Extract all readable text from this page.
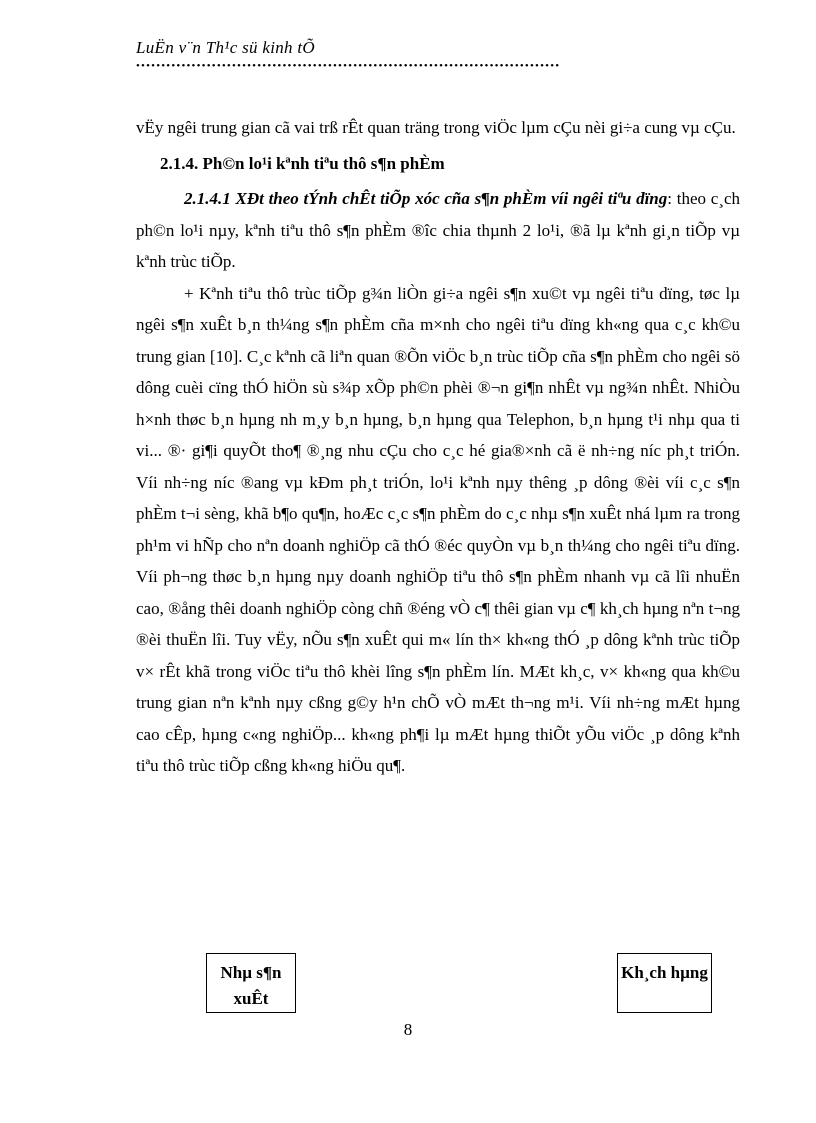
LuËn v¨n Th¹c sü kinh tÕ
••••••••••••••••••••••••••••••••••••••••••••••••••••••••••••••••••••••••••••••••••••

vËy ngêi trung gian cã vai trß rÊt quan träng trong viÖc lµm cÇu nèi gi÷a cung vµ cÇu.

2.1.4. Ph©n lo¹i kªnh tiªu thô s¶n phÈm

2.1.4.1 XÐt theo tÝnh chÊt tiÕp xóc cña s¶n phÈm víi ngêi tiªu dïng: theo c¸ch ph©n lo¹i nµy, kªnh tiªu thô s¶n phÈm ®îc chia thµnh 2 lo¹i, ®ã lµ kªnh gi¸n tiÕp vµ kªnh trùc tiÕp.

+ Kªnh tiªu thô trùc tiÕp g¾n liÒn gi÷a ngêi s¶n xu©t vµ ngêi tiªu dïng, tøc lµ ngêi s¶n xuÊt b¸n th¼ng s¶n phÈm cña m×nh cho ngêi tiªu dïng kh«ng qua c¸c kh©u trung gian [10]. C¸c kªnh cã liªn quan ®Õn viÖc b¸n trùc tiÕp cña s¶n phÈm cho ngêi sö dông cuèi cïng thÓ hiÖn sù s¾p xÕp ph©n phèi ®¬n gi¶n nhÊt vµ ng¾n nhÊt. NhiÒu h×nh thøc b¸n hµng nh m¸y b¸n hµng, b¸n hµng qua Telephon, b¸n hµng t¹i nhµ qua ti vi... ®· gi¶i quyÕt tho¶ ®¸ng nhu cÇu cho c¸c hé gia®×nh cã ë nh÷ng níc ph¸t triÓn. Víi nh÷ng níc ®ang vµ kÐm ph¸t triÓn, lo¹i kªnh nµy thêng ¸p dông ®èi víi c¸c s¶n phÈm t¬i sèng, khã b¶o qu¶n, hoÆc c¸c s¶n phÈm do c¸c nhµ s¶n xuÊt nhá lµm ra trong ph¹m vi hÑp cho nªn doanh nghiÖp cã thÓ ®éc quyÒn vµ b¸n th¼ng cho ngêi tiªu dïng. Víi ph¬ng thøc b¸n hµng nµy doanh nghiÖp tiªu thô s¶n phÈm nhanh vµ cã lîi nhuËn cao, ®ång thêi doanh nghiÖp còng chñ ®éng vÒ c¶ thêi gian vµ c¶ kh¸ch hµng nªn t¬ng ®èi thuËn lîi. Tuy vËy, nÕu s¶n xuÊt qui m« lín th× kh«ng thÓ ¸p dông kªnh trùc tiÕp v× rÊt khã trong viÖc tiªu thô khèi lîng s¶n phÈm lín. MÆt kh¸c, v× kh«ng qua kh©u trung gian nªn kªnh nµy cßng g©y h¹n chÕ vÒ mÆt th¬ng m¹i. Víi nh÷ng mÆt hµng cao cÊp, hµng c«ng nghiÖp... kh«ng ph¶i lµ mÆt hµng thiÕt yÕu viÖc ¸p dông kªnh tiªu thô trùc tiÕp cßng kh«ng hiÖu qu¶.

Nhµ s¶n xuÊt
Kh¸ch hµng
8
